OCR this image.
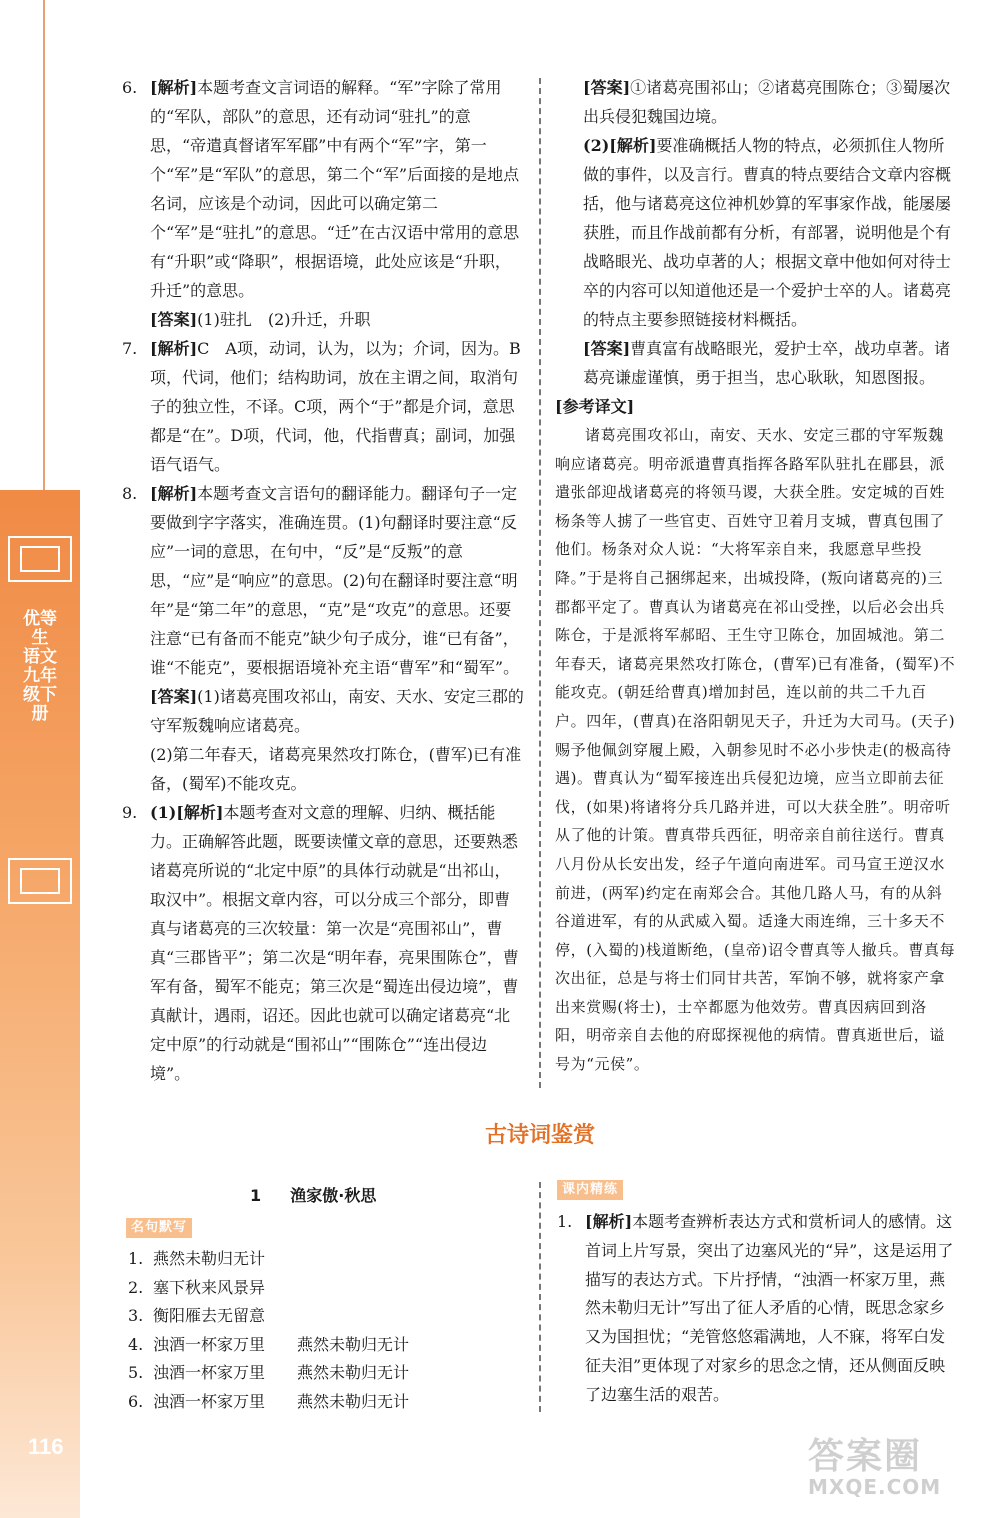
优等生 语文 九年级下册
116
6. [解析]本题考查文言词语的解释。“军”字除了常用的“军队，部队”的意思，还有动词“驻扎”的意思，“帝遣真督诸军军郿”中有两个“军”字，第一个“军”是“军队”的意思，第二个“军”后面接的是地点名词，应该是个动词，因此可以确定第二个“军”是“驻扎”的意思。“迁”在古汉语中常用的意思有“升职”或“降职”，根据语境，此处应该是“升职，升迁”的意思。

[答案](1)驻扎　(2)升迁，升职

7. [解析]C　A项，动词，认为，以为；介词，因为。B项，代词，他们；结构助词，放在主谓之间，取消句子的独立性，不译。C项，两个“于”都是介词，意思都是“在”。D项，代词，他，代指曹真；副词，加强语气语气。

8. [解析]本题考查文言语句的翻译能力。翻译句子一定要做到字字落实，准确连贯。(1)句翻译时要注意“反应”一词的意思，在句中，“反”是“反叛”的意思，“应”是“响应”的意思。(2)句在翻译时要注意“明年”是“第二年”的意思，“克”是“攻克”的意思。还要注意“已有备而不能克”缺少句子成分，谁“已有备”，谁“不能克”，要根据语境补充主语“曹军”和“蜀军”。

[答案](1)诸葛亮围攻祁山，南安、天水、安定三郡的守军叛魏响应诸葛亮。

(2)第二年春天，诸葛亮果然攻打陈仓，(曹军)已有准备，(蜀军)不能攻克。

9. (1)[解析]本题考查对文意的理解、归纳、概括能力。正确解答此题，既要读懂文章的意思，还要熟悉诸葛亮所说的“北定中原”的具体行动就是“出祁山，取汉中”。根据文章内容，可以分成三个部分，即曹真与诸葛亮的三次较量：第一次是“亮围祁山”，曹真“三郡皆平”；第二次是“明年春，亮果围陈仓”，曹军有备，蜀军不能克；第三次是“蜀连出侵边境”，曹真献计，遇雨，诏还。因此也就可以确定诸葛亮“北定中原”的行动就是“围祁山”“围陈仓”“连出侵边境”。

[答案]①诸葛亮围祁山；②诸葛亮围陈仓；③蜀屡次出兵侵犯魏国边境。

(2)[解析]要准确概括人物的特点，必须抓住人物所做的事件，以及言行。曹真的特点要结合文章内容概括，他与诸葛亮这位神机妙算的军事家作战，能屡屡获胜，而且作战前都有分析，有部署，说明他是个有战略眼光、战功卓著的人；根据文章中他如何对待士卒的内容可以知道他还是一个爱护士卒的人。诸葛亮的特点主要参照链接材料概括。

[答案]曹真富有战略眼光，爱护士卒，战功卓著。诸葛亮谦虚谨慎，勇于担当，忠心耿耿，知恩图报。

[参考译文]

诸葛亮围攻祁山，南安、天水、安定三郡的守军叛魏响应诸葛亮。明帝派遣曹真指挥各路军队驻扎在郿县，派遣张郃迎战诸葛亮的将领马谡，大获全胜。安定城的百姓杨条等人掳了一些官吏、百姓守卫着月支城，曹真包围了他们。杨条对众人说：“大将军亲自来，我愿意早些投降。”于是将自己捆绑起来，出城投降，(叛向诸葛亮的)三郡都平定了。曹真认为诸葛亮在祁山受挫，以后必会出兵陈仓，于是派将军郝昭、王生守卫陈仓，加固城池。第二年春天，诸葛亮果然攻打陈仓，(曹军)已有准备，(蜀军)不能攻克。(朝廷给曹真)增加封邑，连以前的共二千九百户。四年，(曹真)在洛阳朝见天子，升迁为大司马。(天子)赐予他佩剑穿履上殿，入朝参见时不必小步快走(的极高待遇)。曹真认为“蜀军接连出兵侵犯边境，应当立即前去征伐，(如果)将诸将分兵几路并进，可以大获全胜”。明帝听从了他的计策。曹真带兵西征，明帝亲自前往送行。曹真八月份从长安出发，经子午道向南进军。司马宣王逆汉水前进，(两军)约定在南郑会合。其他几路人马，有的从斜谷道进军，有的从武威入蜀。适逢大雨连绵，三十多天不停，(入蜀的)栈道断绝，(皇帝)诏令曹真等人撤兵。曹真每次出征，总是与将士们同甘共苦，军饷不够，就将家产拿出来赏赐(将士)，士卒都愿为他效劳。曹真因病回到洛阳，明帝亲自去他的府邸探视他的病情。曹真逝世后，谥号为“元侯”。

古诗词鉴赏
1 渔家傲·秋思
名句默写
课内精练
1. 燕然未勒归无计
2. 塞下秋来风景异
3. 衡阳雁去无留意
4. 浊酒一杯家万里　　燕然未勒归无计
5. 浊酒一杯家万里　　燕然未勒归无计
6. 浊酒一杯家万里　　燕然未勒归无计
1. [解析]本题考查辨析表达方式和赏析词人的感情。这首词上片写景，突出了边塞风光的“异”，这是运用了描写的表达方式。下片抒情，“浊酒一杯家万里，燕然未勒归无计”写出了征人矛盾的心情，既思念家乡又为国担忧；“羌管悠悠霜满地，人不寐，将军白发征夫泪”更体现了对家乡的思念之情，还从侧面反映了边塞生活的艰苦。

答案圈
MXQE.COM
